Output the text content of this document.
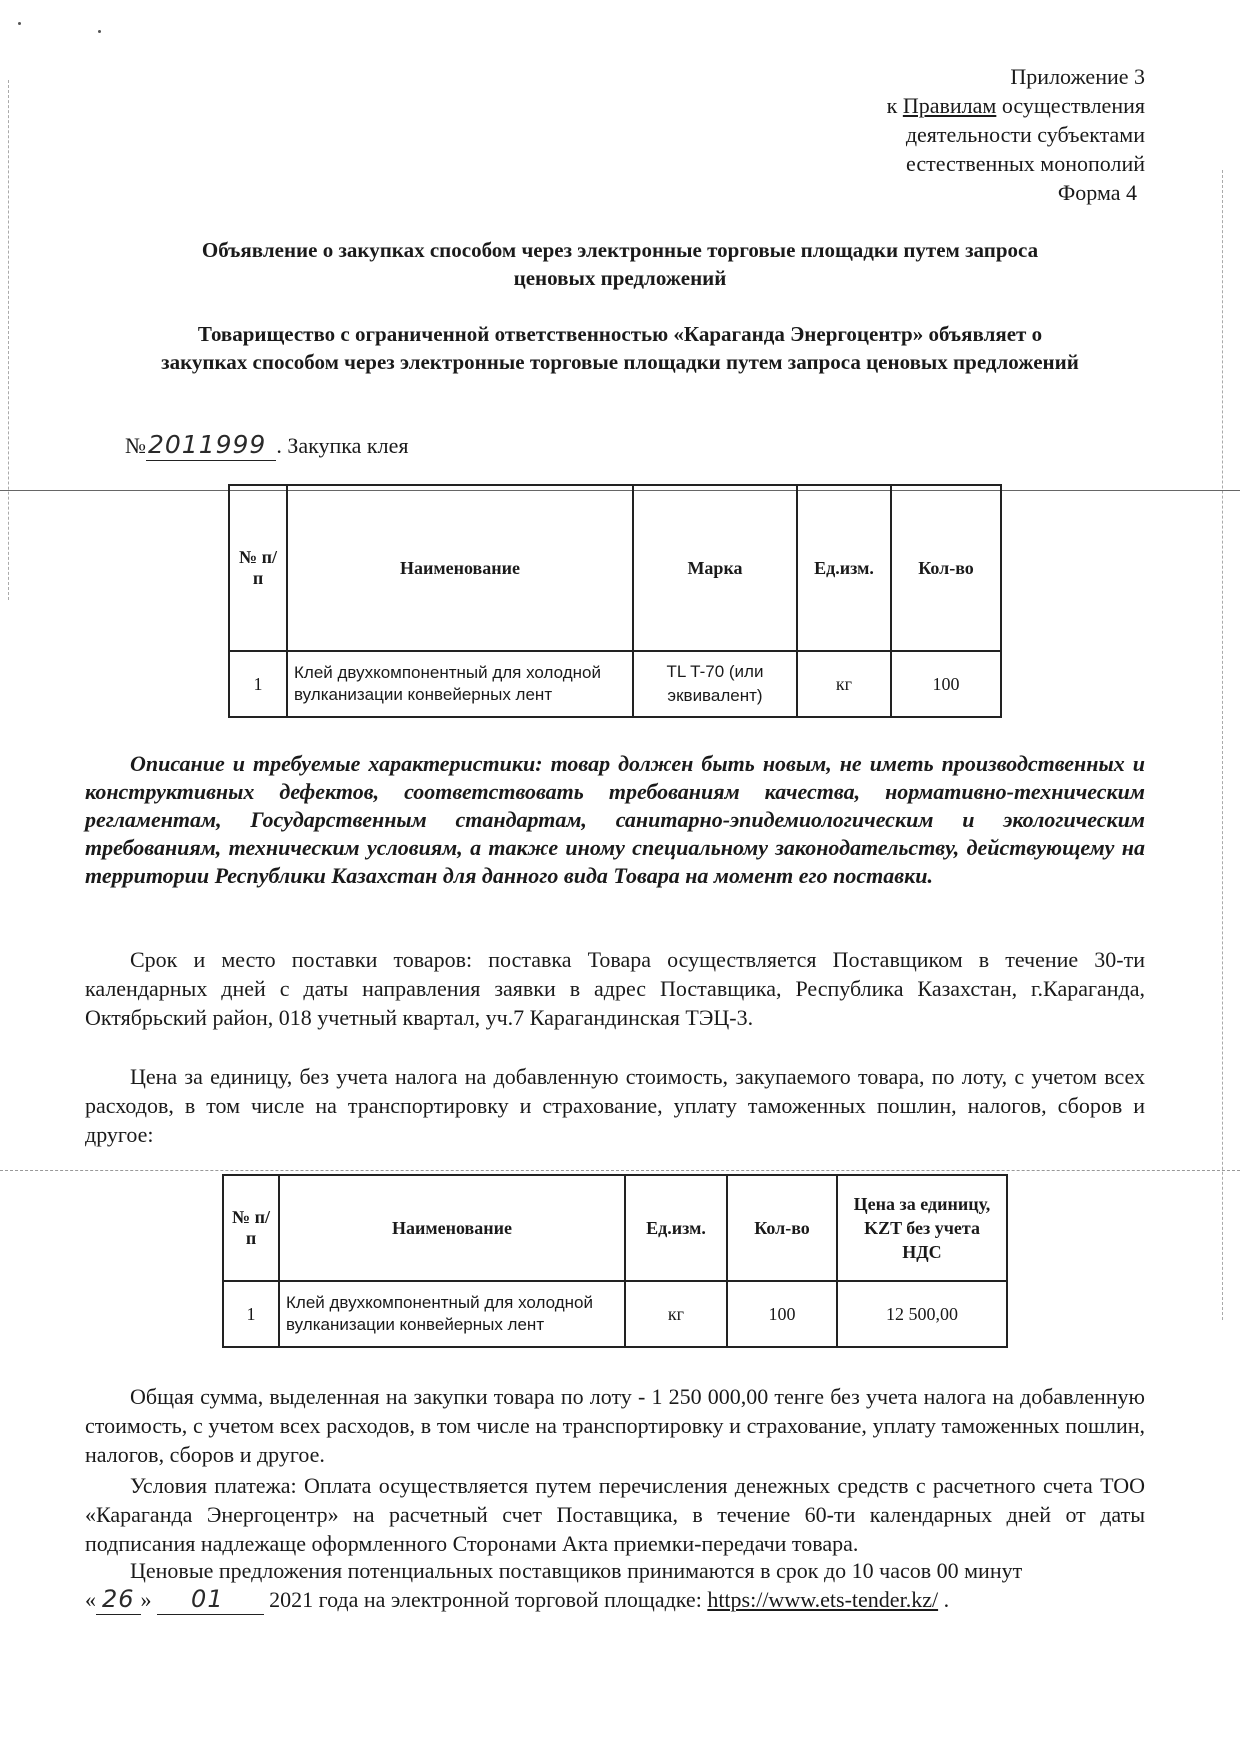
Приложение 3
к Правилам осуществления
деятельности субъектами
естественных монополий
Форма 4
Объявление о закупках способом через электронные торговые площадки путем запроса ценовых предложений
Товарищество с ограниченной ответственностью «Караганда Энергоцентр» объявляет о закупках способом через электронные торговые площадки путем запроса ценовых предложений
№2011999 . Закупка клея
№ п/п	Наименование	Марка	Ед.изм.	Кол-во
1	Клей двухкомпонентный для холодной вулканизации конвейерных лент	TL T-70 (или эквивалент)	кг	100
Описание и требуемые характеристики: товар должен быть новым, не иметь производственных и конструктивных дефектов, соответствовать требованиям качества, нормативно-техническим регламентам, Государственным стандартам, санитарно-эпидемиологическим и экологическим требованиям, техническим условиям, а также иному специальному законодательству, действующему на территории Республики Казахстан для данного вида Товара на момент его поставки.
Срок и место поставки товаров: поставка Товара осуществляется Поставщиком в течение 30-ти календарных дней с даты направления заявки в адрес Поставщика, Республика Казахстан, г.Караганда, Октябрьский район, 018 учетный квартал, уч.7 Карагандинская ТЭЦ-3.
Цена за единицу, без учета налога на добавленную стоимость, закупаемого товара, по лоту, с учетом всех расходов, в том числе на транспортировку и страхование, уплату таможенных пошлин, налогов, сборов и другое:
№ п/п	Наименование	Ед.изм.	Кол-во	Цена за единицу, KZT без учета НДС
1	Клей двухкомпонентный для холодной вулканизации конвейерных лент	кг	100	12 500,00
Общая сумма, выделенная на закупки товара по лоту - 1 250 000,00 тенге без учета налога на добавленную стоимость, с учетом всех расходов, в том числе на транспортировку и страхование, уплату таможенных пошлин, налогов, сборов и другое.
Условия платежа: Оплата осуществляется путем перечисления денежных средств с расчетного счета ТОО «Караганда Энергоцентр» на расчетный счет Поставщика, в течение 60-ти календарных дней от даты подписания надлежаще оформленного Сторонами Акта приемки-передачи товара.
Ценовые предложения потенциальных поставщиков принимаются в срок до 10 часов 00 минут
« 26 » 01 2021 года на электронной торговой площадке: https://www.ets-tender.kz/ .
